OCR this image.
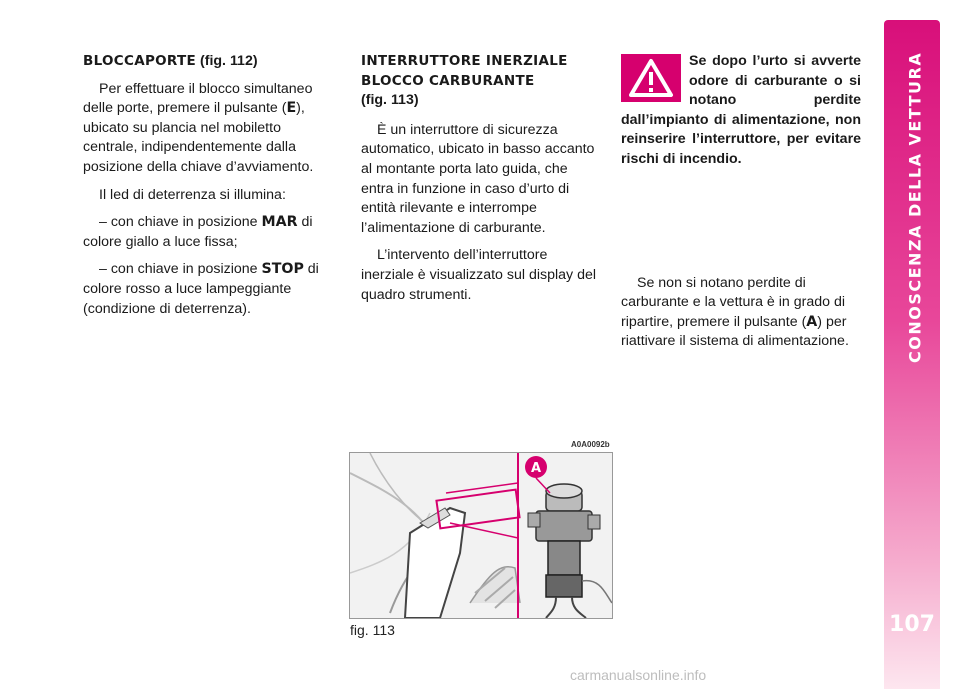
BLOCCAPORTE (fig. 112)

Per effettuare il blocco simultaneo delle porte, premere il pulsante (E), ubicato su plancia nel mobiletto centrale, indipendentemente dalla posizione della chiave d’avviamento.

Il led di deterrenza si illumina:

– con chiave in posizione MAR di colore giallo a luce fissa;

– con chiave in posizione STOP di colore rosso a luce lampeggiante (condizione di deterrenza).

INTERRUTTORE INERZIALE
BLOCCO CARBURANTE
(fig. 113)

È un interruttore di sicurezza automatico, ubicato in basso accanto al montante porta lato guida, che entra in funzione in caso d’urto di entità rilevante e interrompe l’alimentazione di carburante.

L’intervento dell’interruttore inerziale è visualizzato sul display del quadro strumenti.

Se dopo l’urto si avverte odore di carburante o si notano perdite dall’impianto di alimentazione, non reinserire l’interruttore, per evitare rischi di incendio.

Se non si notano perdite di carburante e la vettura è in grado di ripartire, premere il pulsante (A) per riattivare il sistema di alimentazione.

A0A0092b
A
fig. 113
CONOSCENZA DELLA VETTURA
107
carmanualsonline.info
